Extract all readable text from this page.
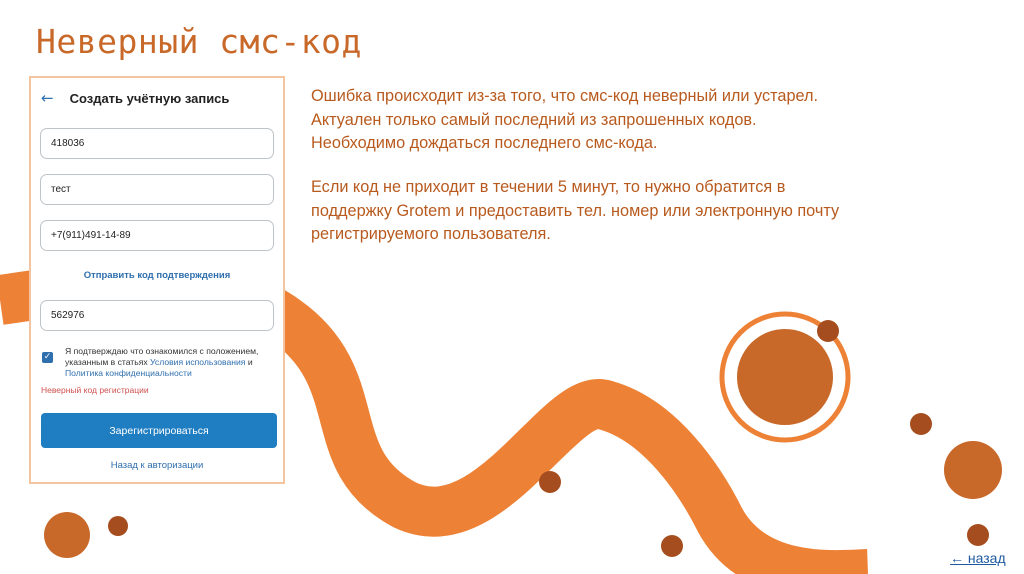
Неверный смс-код
← Создать учётную запись
418036
тест
+7(911)491-14-89
Отправить код подтверждения
562976
✓
Я подтверждаю что ознакомился с положением, указанным в статьях Условия использования и Политика конфиденциальности
Неверный код регистрации
Зарегистрироваться
Назад к авторизации
Ошибка происходит из-за того, что смс-код неверный или устарел.
Актуален только самый последний из запрошенных кодов.
Необходимо дождаться последнего смс-кода.
Если код не приходит в течении 5 минут, то нужно обратится в
поддержку Grotem и предоставить тел. номер или электронную почту
регистрируемого пользователя.
← назад
